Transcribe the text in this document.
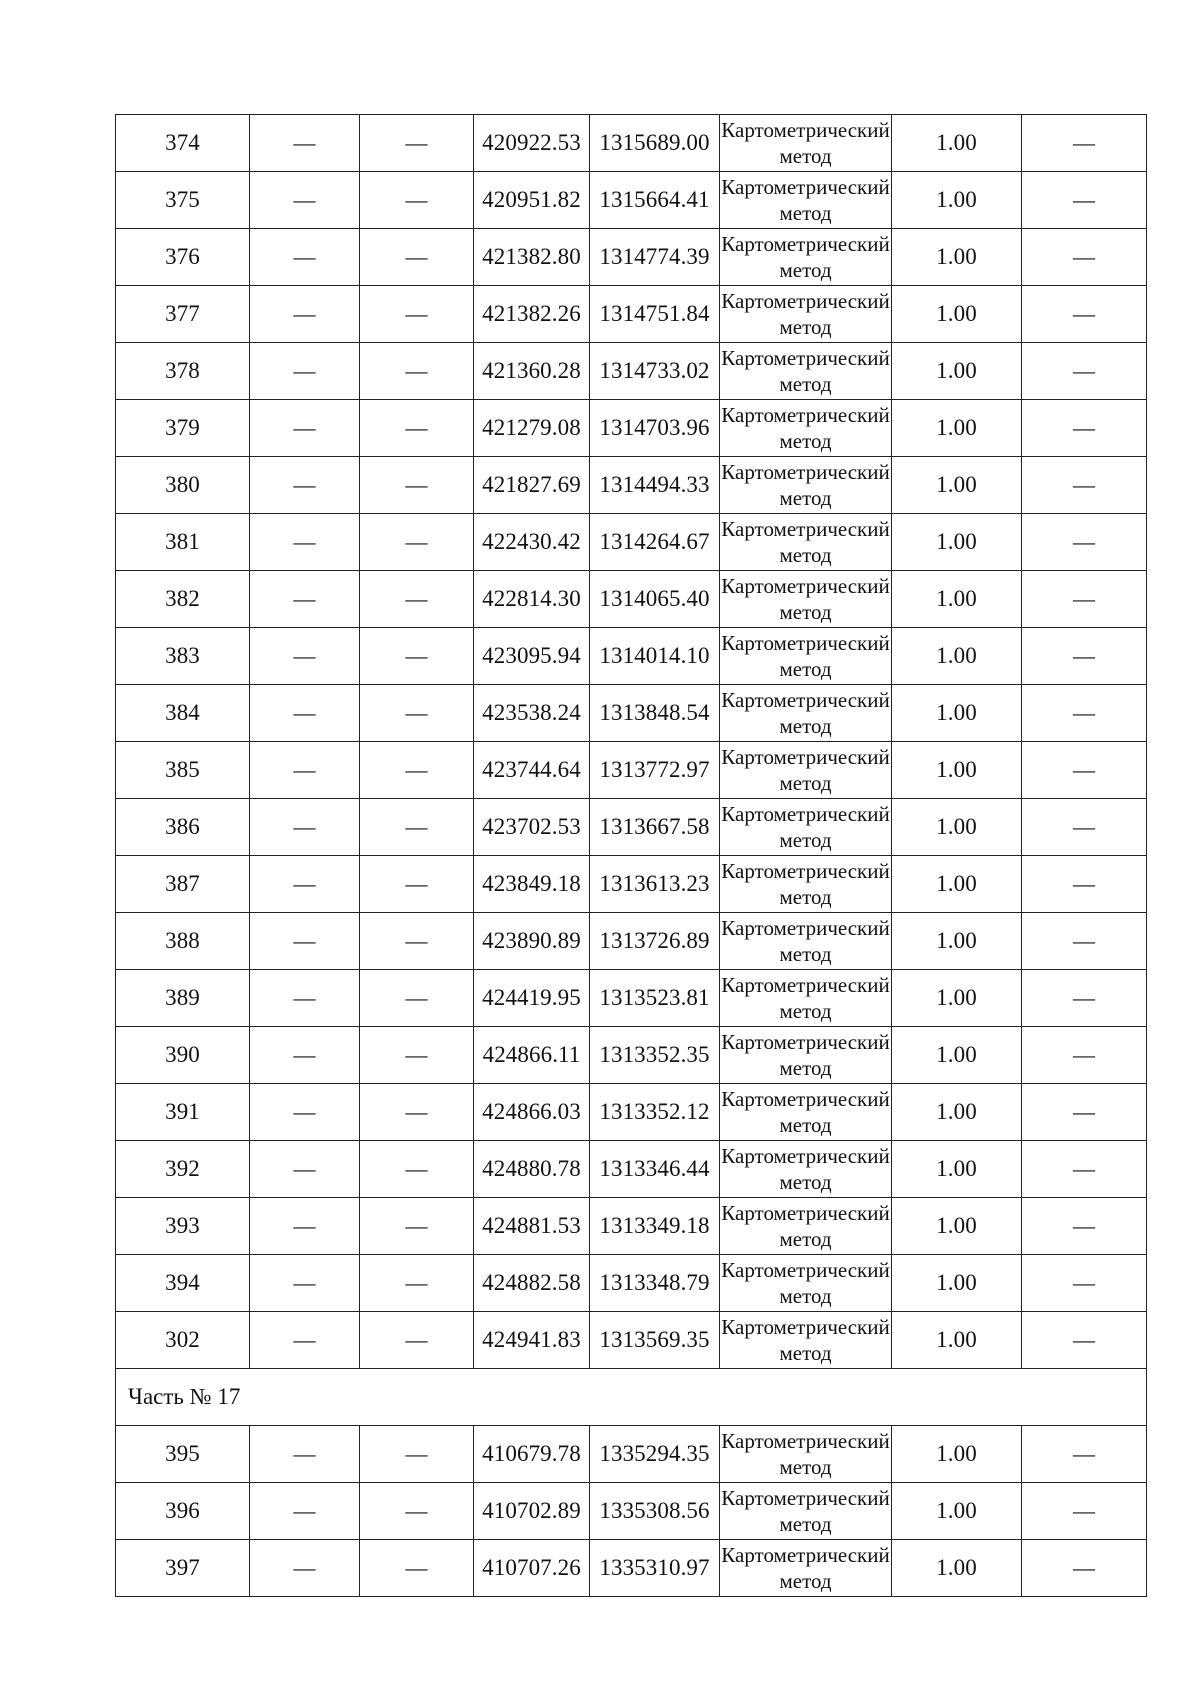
374	—	—	420922.53	1315689.00	Картометрический метод	1.00	—
375	—	—	420951.82	1315664.41	Картометрический метод	1.00	—
376	—	—	421382.80	1314774.39	Картометрический метод	1.00	—
377	—	—	421382.26	1314751.84	Картометрический метод	1.00	—
378	—	—	421360.28	1314733.02	Картометрический метод	1.00	—
379	—	—	421279.08	1314703.96	Картометрический метод	1.00	—
380	—	—	421827.69	1314494.33	Картометрический метод	1.00	—
381	—	—	422430.42	1314264.67	Картометрический метод	1.00	—
382	—	—	422814.30	1314065.40	Картометрический метод	1.00	—
383	—	—	423095.94	1314014.10	Картометрический метод	1.00	—
384	—	—	423538.24	1313848.54	Картометрический метод	1.00	—
385	—	—	423744.64	1313772.97	Картометрический метод	1.00	—
386	—	—	423702.53	1313667.58	Картометрический метод	1.00	—
387	—	—	423849.18	1313613.23	Картометрический метод	1.00	—
388	—	—	423890.89	1313726.89	Картометрический метод	1.00	—
389	—	—	424419.95	1313523.81	Картометрический метод	1.00	—
390	—	—	424866.11	1313352.35	Картометрический метод	1.00	—
391	—	—	424866.03	1313352.12	Картометрический метод	1.00	—
392	—	—	424880.78	1313346.44	Картометрический метод	1.00	—
393	—	—	424881.53	1313349.18	Картометрический метод	1.00	—
394	—	—	424882.58	1313348.79	Картометрический метод	1.00	—
302	—	—	424941.83	1313569.35	Картометрический метод	1.00	—
Часть № 17							
395	—	—	410679.78	1335294.35	Картометрический метод	1.00	—
396	—	—	410702.89	1335308.56	Картометрический метод	1.00	—
397	—	—	410707.26	1335310.97	Картометрический метод	1.00	—
